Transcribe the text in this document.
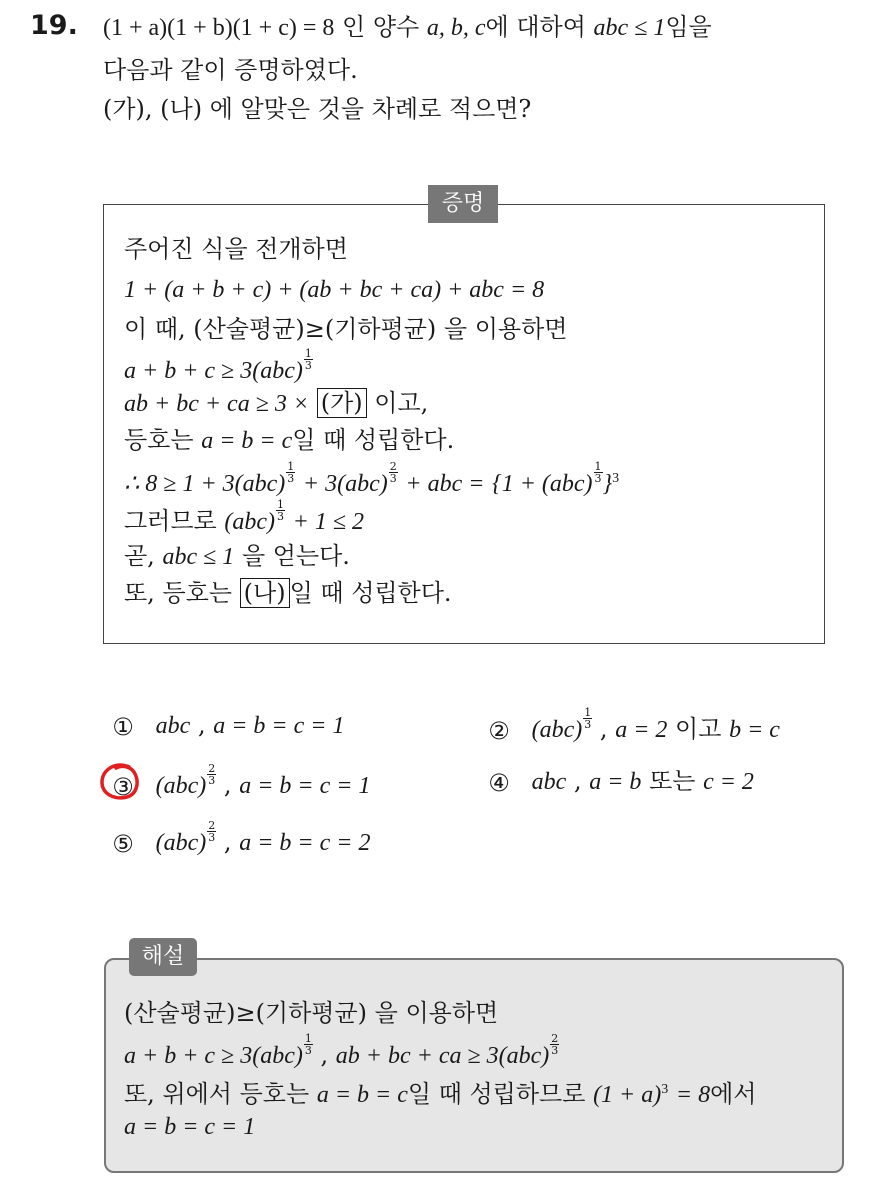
19. (1 + a)(1 + b)(1 + c) = 8 인 양수 a, b, c에 대하여 abc ≤ 1임을
다음과 같이 증명하였다.
(가), (나) 에 알맞은 것을 차례로 적으면?
증명
주어진 식을 전개하면
1 + (a + b + c) + (ab + bc + ca) + abc = 8
이 때, (산술평균)≥(기하평균) 을 이용하면
$a + b + c \ge 3(abc) \frac{1}{3}$
ab + bc + ca ≥ 3 × (가) 이고,
등호는 a = b = c일 때 성립한다.
∴ $8 \ge 1 + 3(abc) \frac{1}{3} + 3(abc) \frac{2}{3}$ + abc = $\{1 + (abc) \frac{1}{3} \}^3$
그러므로 $(abc) \frac{1}{3} + 1 \le 2$
곧, abc ≤ 1 을 얻는다.
또, 등호는 (나) 일 때 성립한다.
① abc , a = b = c = 1	② $(abc) \frac{1}{3}$ , a = 2 이고 b = c
③ $(abc) \frac{2}{3}$ , a = b = c = 1	④ abc , a = b 또는 c = 2
⑤ $(abc) \frac{2}{3}$ , a = b = c = 2
해설
(산술평균)≥(기하평균) 을 이용하면
$a + b + c \ge 3(abc) \frac{1}{3}$ , ab + bc + ca ≥ $3(abc) \frac{2}{3}$
또, 위에서 등호는 a = b = c일 때 성립하므로 $(1 + a)^3 = 8$에서
a = b = c = 1
